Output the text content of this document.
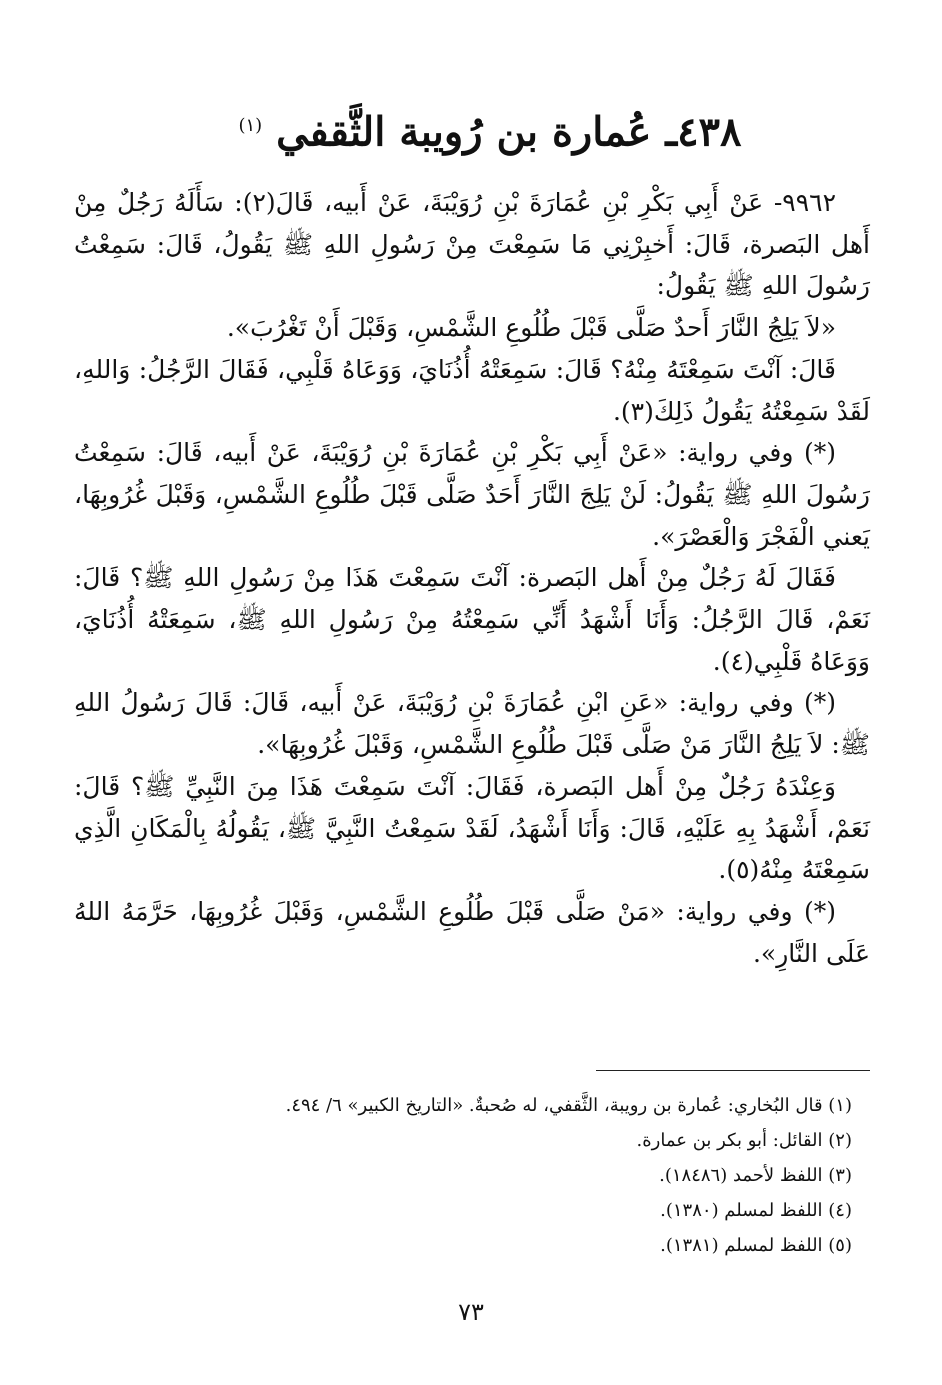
٤٣٨ـ عُمارة بن رُويبة الثَّقفي $^{(١)}$

٩٩٦٢- عَنْ أَبِي بَكْرِ بْنِ عُمَارَةَ بْنِ رُوَيْبَةَ، عَنْ أَبيه، قَالَ(٢): سَأَلَهُ رَجُلٌ مِنْ أَهل البَصرة، قَالَ: أَخبِرْنِي مَا سَمِعْتَ مِنْ رَسُولِ اللهِ ﷺ يَقُولُ، قَالَ: سَمِعْتُ رَسُولَ اللهِ ﷺ يَقُولُ:

«لاَ يَلِجُ النَّارَ أَحدٌ صَلَّى قَبْلَ طُلُوعِ الشَّمْسِ، وَقَبْلَ أَنْ تَغْرُبَ».

قَالَ: آنْتَ سَمِعْتَهُ مِنْهُ؟ قَالَ: سَمِعَتْهُ أُذُنَايَ، وَوَعَاهُ قَلْبِي، فَقَالَ الرَّجُلُ: وَاللهِ، لَقَدْ سَمِعْتُهُ يَقُولُ ذَلِكَ(٣).

(*) وفي رواية: «عَنْ أَبِي بَكْرِ بْنِ عُمَارَةَ بْنِ رُوَيْبَةَ، عَنْ أَبيه، قَالَ: سَمِعْتُ رَسُولَ اللهِ ﷺ يَقُولُ: لَنْ يَلِجَ النَّارَ أَحَدٌ صَلَّى قَبْلَ طُلُوعِ الشَّمْسِ، وَقَبْلَ غُرُوبِهَا، يَعني الْفَجْرَ وَالْعَصْرَ».

فَقَالَ لَهُ رَجُلٌ مِنْ أَهل البَصرة: آنْتَ سَمِعْتَ هَذَا مِنْ رَسُولِ اللهِ ﷺ؟ قَالَ: نَعَمْ، قَالَ الرَّجُلُ: وَأَنَا أَشْهَدُ أَنِّي سَمِعْتُهُ مِنْ رَسُولِ اللهِ ﷺ، سَمِعَتْهُ أُذُنَايَ، وَوَعَاهُ قَلْبِي(٤).

(*) وفي رواية: «عَنِ ابْنِ عُمَارَةَ بْنِ رُوَيْبَةَ، عَنْ أَبيه، قَالَ: قَالَ رَسُولُ اللهِ ﷺ: لاَ يَلِجُ النَّارَ مَنْ صَلَّى قَبْلَ طُلُوعِ الشَّمْسِ، وَقَبْلَ غُرُوبِهَا».

وَعِنْدَهُ رَجُلٌ مِنْ أَهل البَصرة، فَقَالَ: آنْتَ سَمِعْتَ هَذَا مِنَ النَّبِيِّ ﷺ؟ قَالَ: نَعَمْ، أَشْهَدُ بِهِ عَلَيْهِ، قَالَ: وَأَنَا أَشْهَدُ، لَقَدْ سَمِعْتُ النَّبِيَّ ﷺ، يَقُولُهُ بِالْمَكَانِ الَّذِي سَمِعْتَهُ مِنْهُ(٥).

(*) وفي رواية: «مَنْ صَلَّى قَبْلَ طُلُوعِ الشَّمْسِ، وَقَبْلَ غُرُوبِهَا، حَرَّمَهُ اللهُ عَلَى النَّارِ».

(١) قال البُخاري: عُمارة بن رويبة، الثَّقفي، له صُحبةٌ. «التاريخ الكبير» ٦/ ٤٩٤.

(٢) القائل: أبو بكر بن عمارة.

(٣) اللفظ لأحمد (١٨٤٨٦).

(٤) اللفظ لمسلم (١٣٨٠).

(٥) اللفظ لمسلم (١٣٨١).

٧٣
